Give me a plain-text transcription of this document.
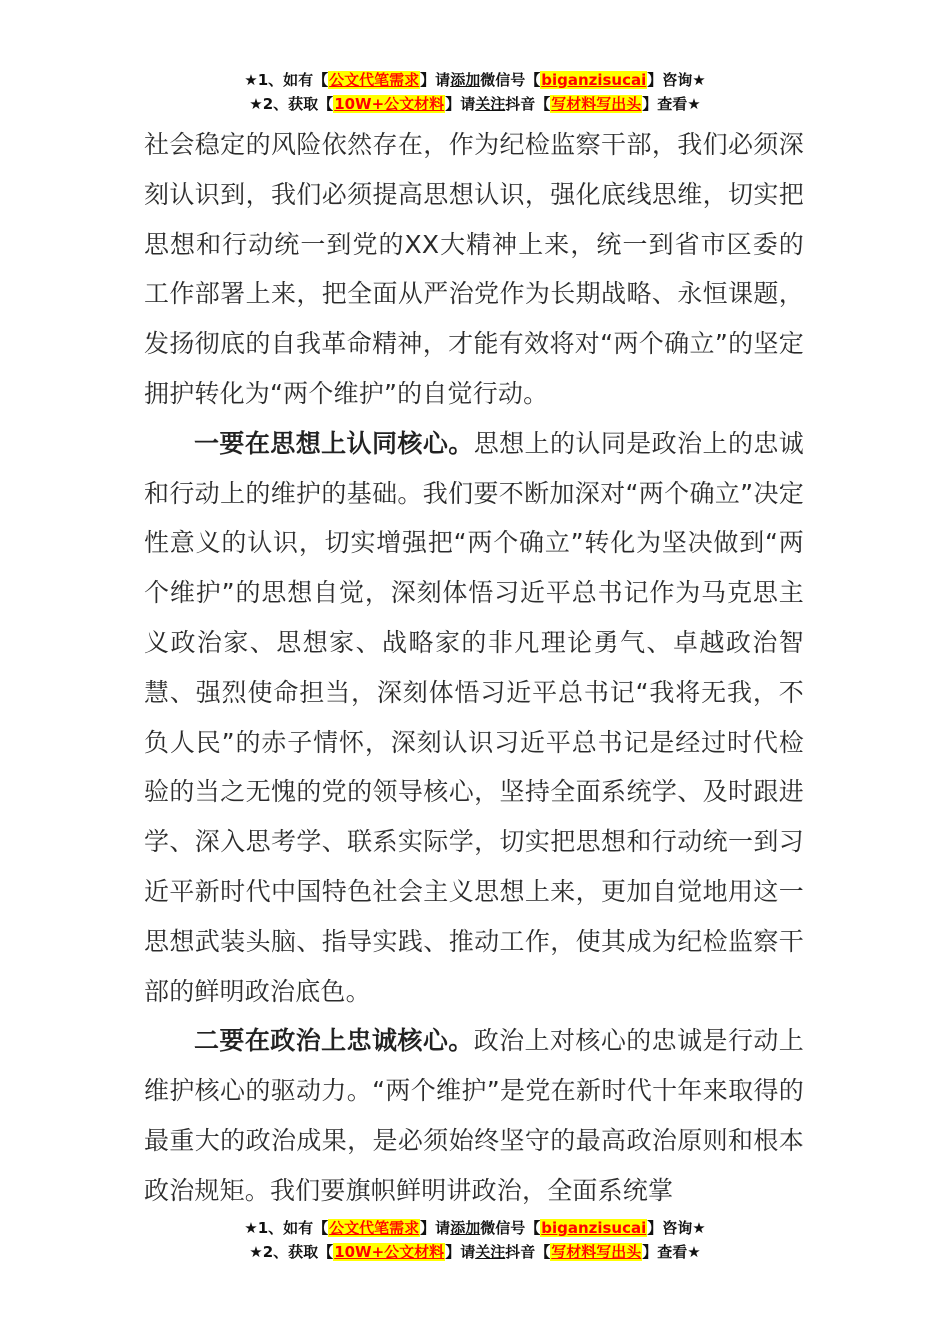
★1、如有【公文代笔需求】请添加微信号【biganzisucai】咨询★
★2、获取【10W+公文材料】请关注抖音【写材料写出头】查看★

社会稳定的风险依然存在，作为纪检监察干部，我们必须深刻认识到，我们必须提高思想认识，强化底线思维，切实把思想和行动统一到党的XX大精神上来，统一到省市区委的工作部署上来，把全面从严治党作为长期战略、永恒课题，发扬彻底的自我革命精神，才能有效将对“两个确立”的坚定拥护转化为“两个维护”的自觉行动。

一要在思想上认同核心。思想上的认同是政治上的忠诚和行动上的维护的基础。我们要不断加深对“两个确立”决定性意义的认识，切实增强把“两个确立”转化为坚决做到“两个维护”的思想自觉，深刻体悟习近平总书记作为马克思主义政治家、思想家、战略家的非凡理论勇气、卓越政治智慧、强烈使命担当，深刻体悟习近平总书记“我将无我，不负人民”的赤子情怀，深刻认识习近平总书记是经过时代检验的当之无愧的党的领导核心，坚持全面系统学、及时跟进学、深入思考学、联系实际学，切实把思想和行动统一到习近平新时代中国特色社会主义思想上来，更加自觉地用这一思想武装头脑、指导实践、推动工作，使其成为纪检监察干部的鲜明政治底色。

二要在政治上忠诚核心。政治上对核心的忠诚是行动上维护核心的驱动力。“两个维护”是党在新时代十年来取得的最重大的政治成果，是必须始终坚守的最高政治原则和根本政治规矩。我们要旗帜鲜明讲政治，全面系统掌

★1、如有【公文代笔需求】请添加微信号【biganzisucai】咨询★
★2、获取【10W+公文材料】请关注抖音【写材料写出头】查看★
